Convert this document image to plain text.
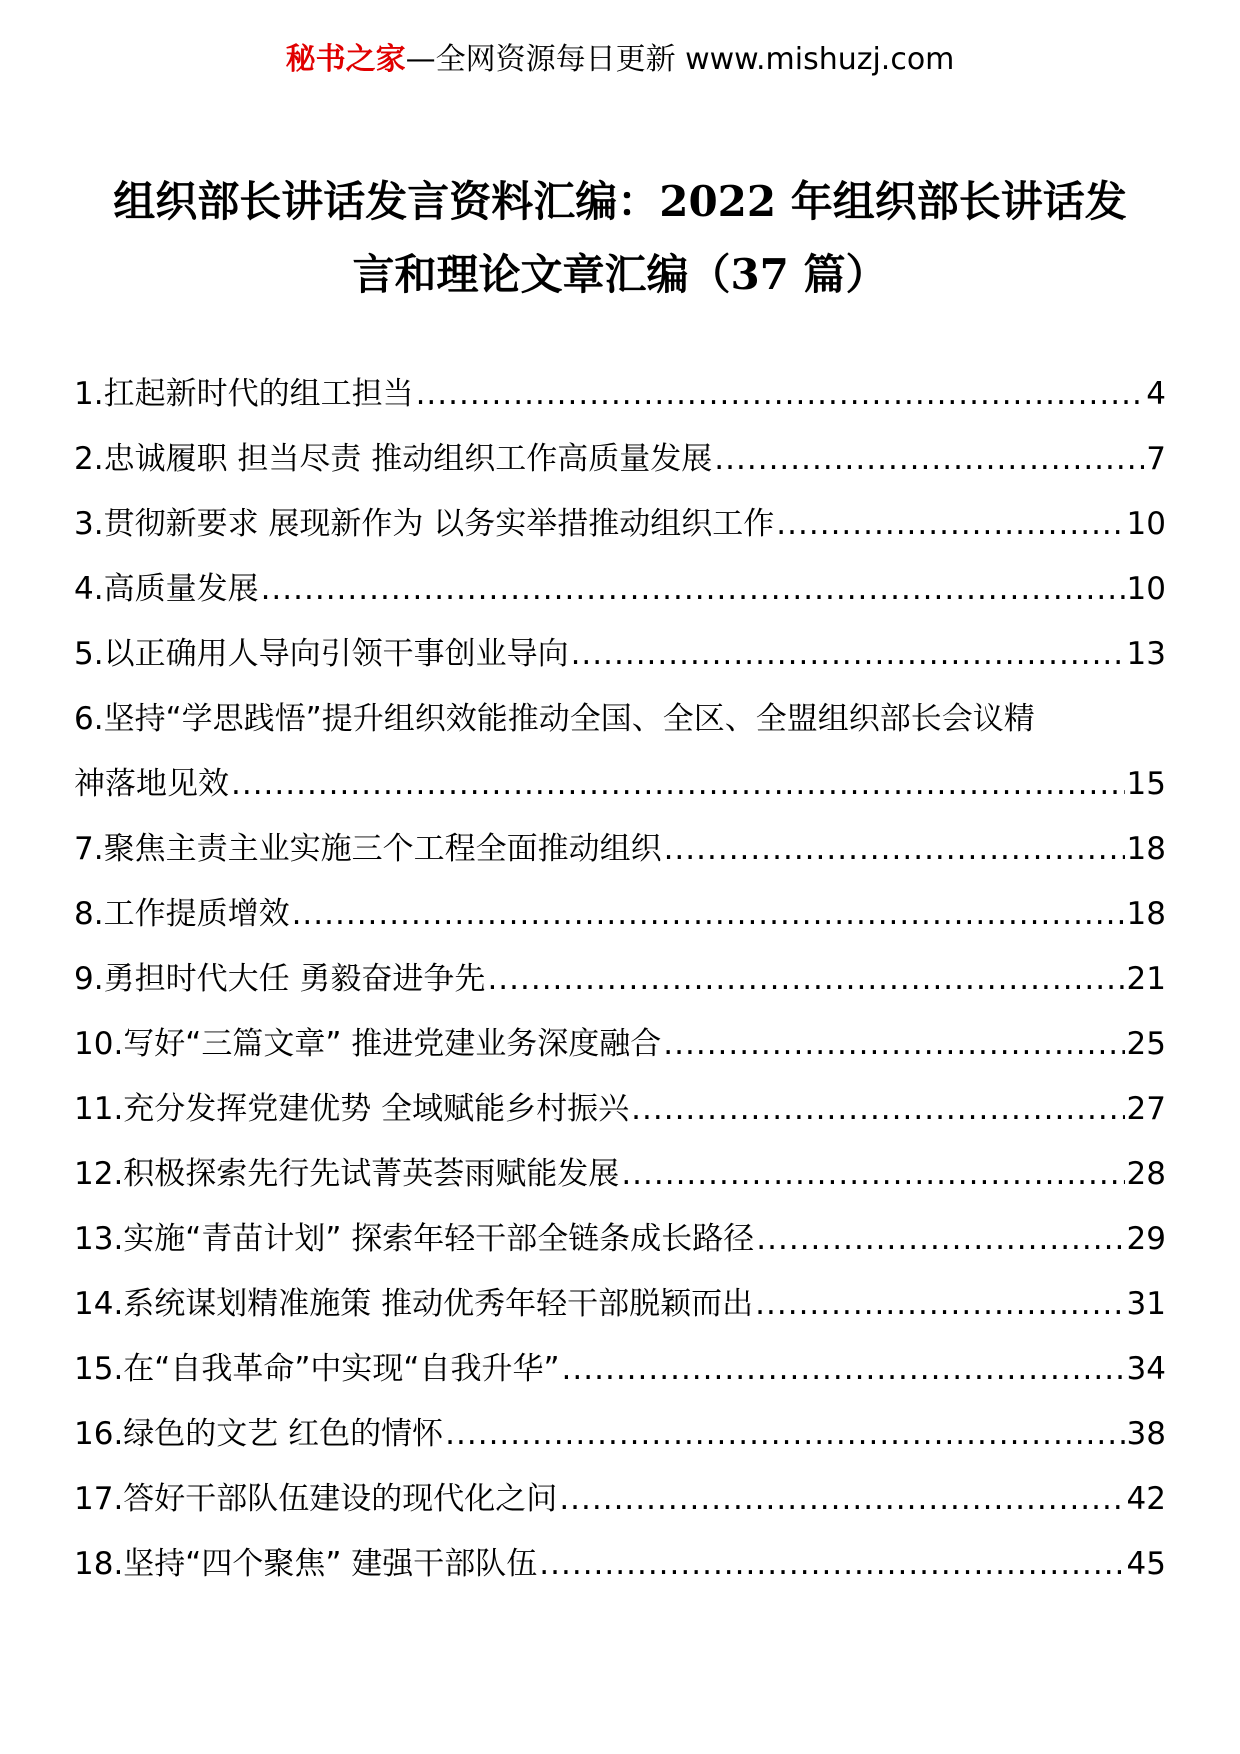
秘书之家—全网资源每日更新 www.mishuzj.com
组织部长讲话发言资料汇编：2022 年组织部长讲话发
言和理论文章汇编（37 篇）
1.扛起新时代的组工担当 .....	4
2.忠诚履职 担当尽责 推动组织工作高质量发展 .....	7
3.贯彻新要求 展现新作为 以务实举措推动组织工作 .....	10
4.高质量发展 .....	10
5.以正确用人导向引领干事创业导向 .....	13
6.坚持“学思践悟”提升组织效能推动全国、全区、全盟组织部长会议精
神落地见效 .....	15
7.聚焦主责主业实施三个工程全面推动组织 .....	18
8.工作提质增效 .....	18
9.勇担时代大任 勇毅奋进争先 .....	21
10.写好“三篇文章” 推进党建业务深度融合 .....	25
11.充分发挥党建优势 全域赋能乡村振兴 .....	27
12.积极探索先行先试菁英荟雨赋能发展 .....	28
13.实施“青苗计划” 探索年轻干部全链条成长路径 .....	29
14.系统谋划精准施策 推动优秀年轻干部脱颖而出 .....	31
15.在“自我革命”中实现“自我升华” .....	34
16.绿色的文艺 红色的情怀 .....	38
17.答好干部队伍建设的现代化之问 .....	42
18.坚持“四个聚焦” 建强干部队伍 .....	45
